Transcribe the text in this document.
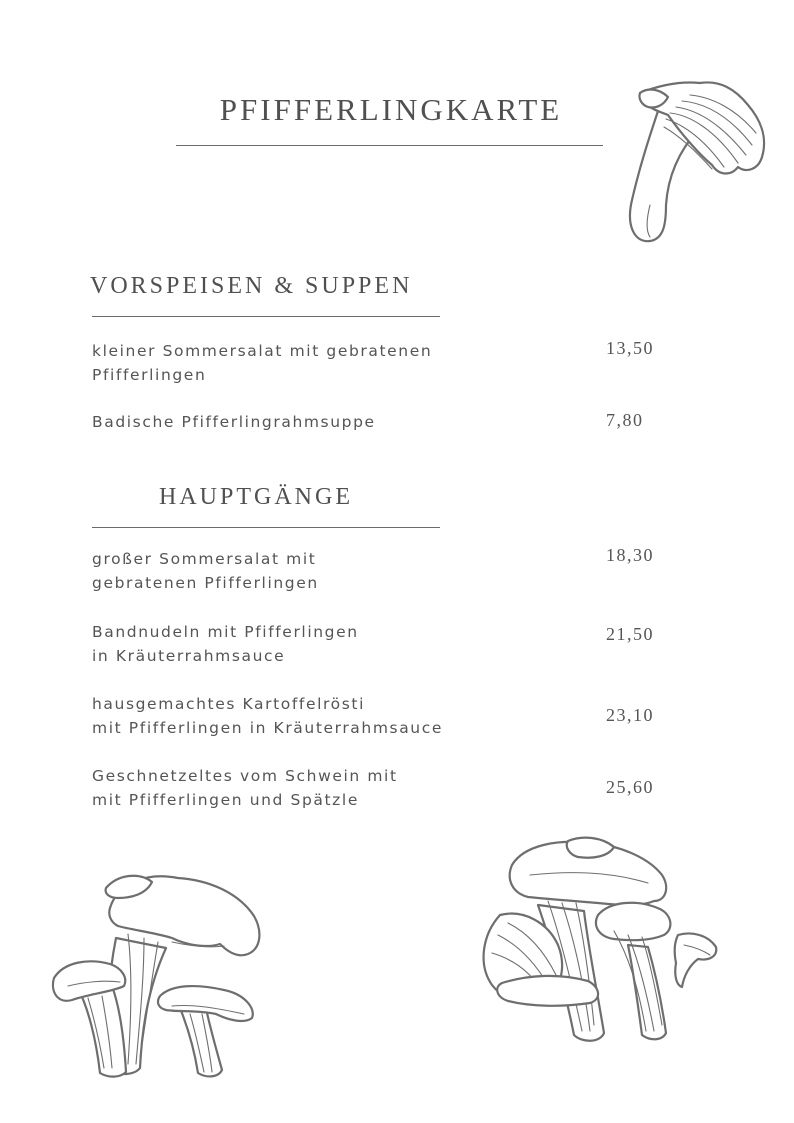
PFIFFERLINGKARTE
VORSPEISEN & SUPPEN
kleiner Sommersalat mit gebratenen
Pfifferlingen
13,50
Badische Pfifferlingrahmsuppe	7,80
HAUPTGÄNGE
großer Sommersalat mit
gebratenen Pfifferlingen
18,30
Bandnudeln mit Pfifferlingen
in Kräuterrahmsauce
21,50
hausgemachtes Kartoffelrösti
mit Pfifferlingen in Kräuterrahmsauce
23,10
Geschnetzeltes vom Schwein mit
mit Pfifferlingen und Spätzle
25,60
